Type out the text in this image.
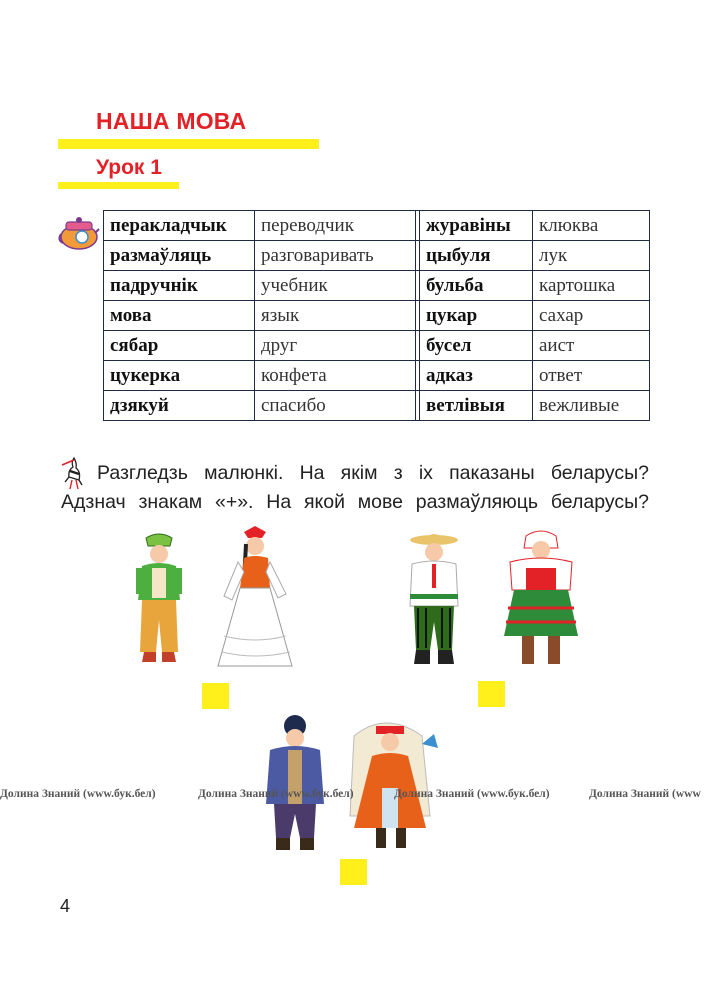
НАША МОВА
Урок 1
перакладчык	переводчик		журавіны	клюква
размаўляць	разговаривать		цыбуля	лук
падручнік	учебник		бульба	картошка
мова	язык		цукар	сахар
сябар	друг		бусел	аист
цукерка	конфета		адказ	ответ
дзякуй	спасибо		ветлівыя	вежливые
Разгледзь малюнкі. На якім з іх паказаны беларусы?
Адзнач знакам «+». На якой мове размаўляюць беларусы?
Долина Знаний (www.бук.бел)	Долина Знаний (www.бук.бел)	Долина Знаний (www.бук.бел)	Долина Знаний (www
4
